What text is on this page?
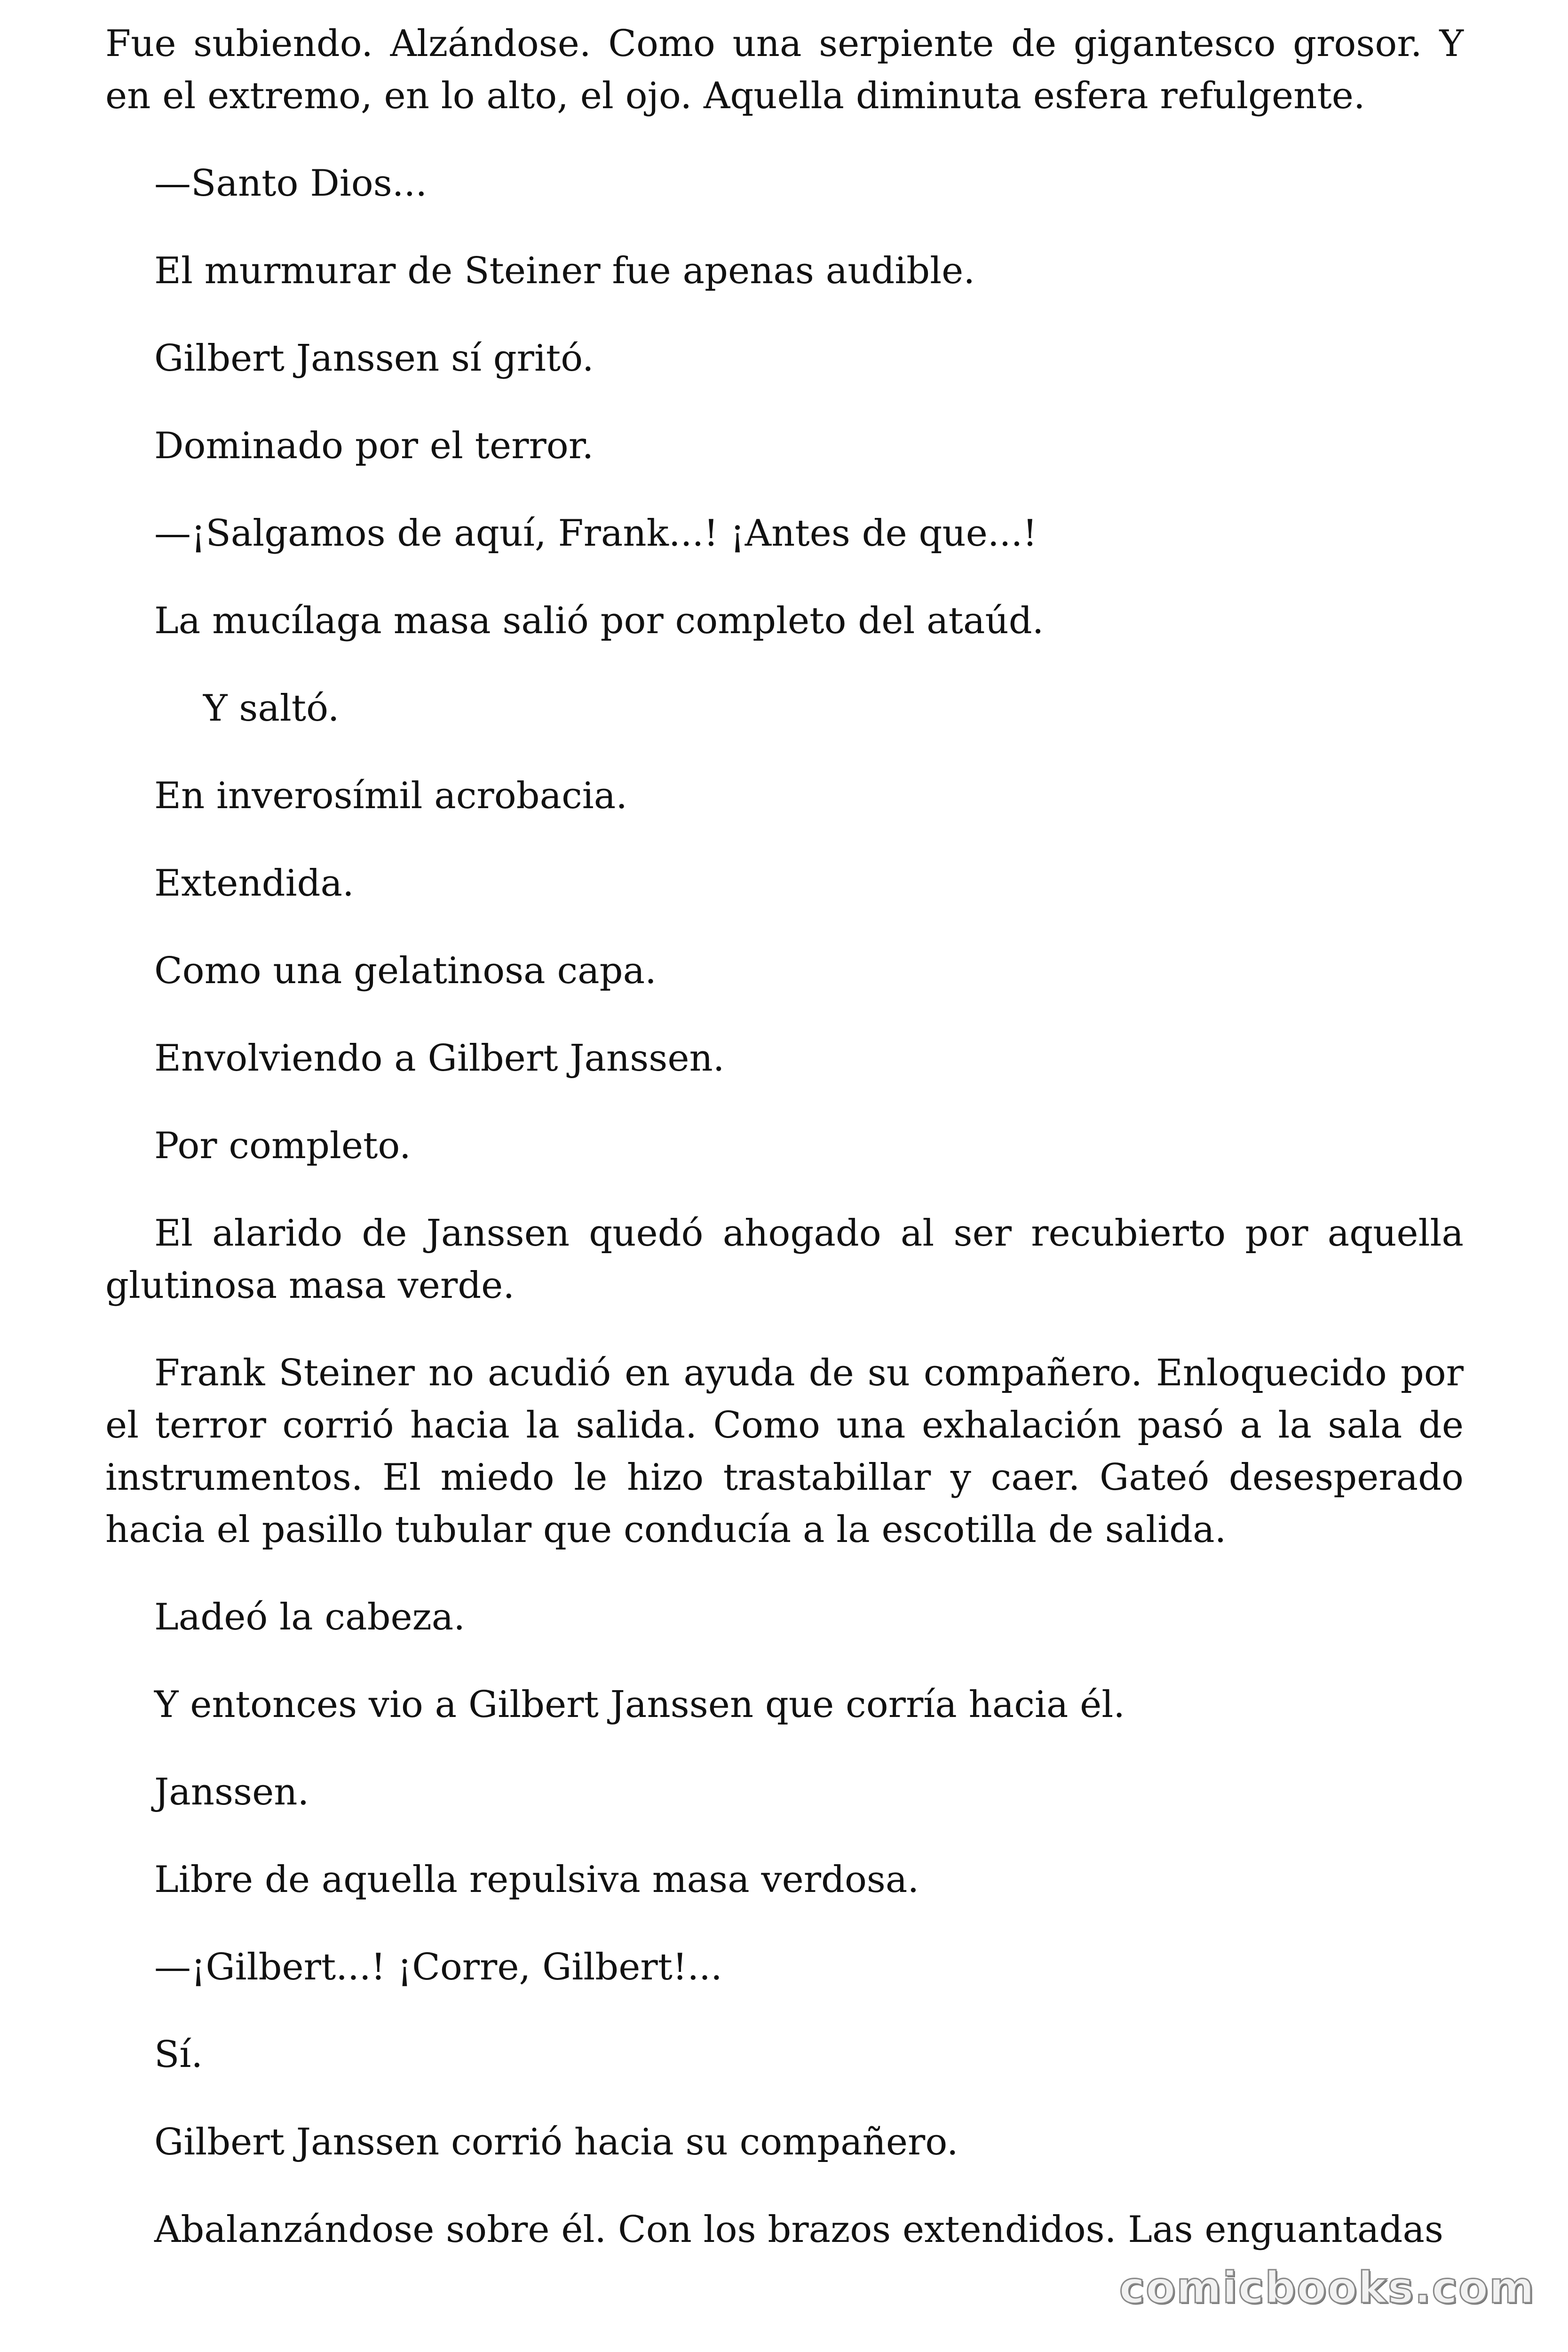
Fue subiendo. Alzándose. Como una serpiente de gigantesco grosor. Y en el extremo, en lo alto, el ojo. Aquella diminuta esfera refulgente.

—Santo Dios...

El murmurar de Steiner fue apenas audible.

Gilbert Janssen sí gritó.

Dominado por el terror.

—¡Salgamos de aquí, Frank...! ¡Antes de que...!

La mucílaga masa salió por completo del ataúd.

Y saltó.

En inverosímil acrobacia.

Extendida.

Como una gelatinosa capa.

Envolviendo a Gilbert Janssen.

Por completo.

El alarido de Janssen quedó ahogado al ser recubierto por aquella glutinosa masa verde.

Frank Steiner no acudió en ayuda de su compañero. Enloquecido por el terror corrió hacia la salida. Como una exhalación pasó a la sala de instrumentos. El miedo le hizo trastabillar y caer. Gateó desesperado hacia el pasillo tubular que conducía a la escotilla de salida.

Ladeó la cabeza.

Y entonces vio a Gilbert Janssen que corría hacia él.

Janssen.

Libre de aquella repulsiva masa verdosa.

—¡Gilbert...! ¡Corre, Gilbert!...

Sí.

Gilbert Janssen corrió hacia su compañero.

Abalanzándose sobre él. Con los brazos extendidos. Las enguantadas

comicbooks.com
